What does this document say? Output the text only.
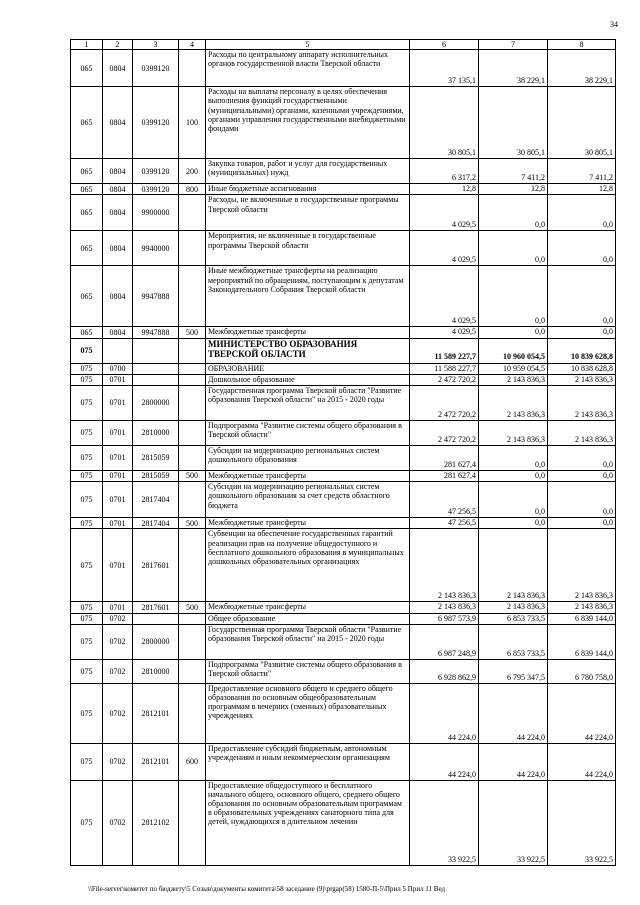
34
1	2	3	4	5	6	7	8
065	0804	0399120		Расходы по центральному аппарату исполнительных органов государственной власти Тверской области	37 135,1	38 229,1	38 229,1
065	0804	0399120	100	Расходы на выплаты персоналу в целях обеспечения выполнения функций государственными (муниципальными) органами, казенными учреждениями, органами управления государственными внебюджетными фондами	30 805,1	30 805,1	30 805,1
065	0804	0399120	200	Закупка товаров, работ и услуг для государственных (муниципальных) нужд	6 317,2	7 411,2	7 411,2
065	0804	0399120	800	Иные бюджетные ассигнования	12,8	12,8	12,8
065	0804	9900000		Расходы, не включенные в государственные программы Тверской области	4 029,5	0,0	0,0
065	0804	9940000		Мероприятия, не включенные в государственные программы Тверской области	4 029,5	0,0	0,0
065	0804	9947888		Иные межбюджетные трансферты на реализацию мероприятий по обращениям, поступающим к депутатам Законодательного Собрания Тверской области	4 029,5	0,0	0,0
065	0804	9947888	500	Межбюджетные трансферты	4 029,5	0,0	0,0
075				МИНИСТЕРСТВО ОБРАЗОВАНИЯ ТВЕРСКОЙ ОБЛАСТИ	11 589 227,7	10 960 054,5	10 839 628,8
075	0700			ОБРАЗОВАНИЕ	11 588 227,7	10 959 054,5	10 838 628,8
075	0701			Дошкольное образование	2 472 720,2	2 143 836,3	2 143 836,3
075	0701	2800000		Государственная программа Тверской области "Развитие образования Тверской области" на 2015 - 2020 годы	2 472 720,2	2 143 836,3	2 143 836,3
075	0701	2810000		Подпрограмма "Развитие системы общего образования в Тверской области"	2 472 720,2	2 143 836,3	2 143 836,3
075	0701	2815059		Субсидии на модернизацию региональных систем дошкольного образования	281 627,4	0,0	0,0
075	0701	2815059	500	Межбюджетные трансферты	281 627,4	0,0	0,0
075	0701	2817404		Субсидии на модернизацию региональных систем дошкольного образования за счет средств областного бюджета	47 256,5	0,0	0,0
075	0701	2817404	500	Межбюджетные трансферты	47 256,5	0,0	0,0
075	0701	2817601		Субвенции на обеспечение государственных гарантий реализации прав на получение общедоступного и бесплатного дошкольного образования в муниципальных дошкольных образовательных организациях	2 143 836,3	2 143 836,3	2 143 836,3
075	0701	2817601	500	Межбюджетные трансферты	2 143 836,3	2 143 836,3	2 143 836,3
075	0702			Общее образование	6 987 573,9	6 853 733,5	6 839 144,0
075	0702	2800000		Государственная программа Тверской области "Развитие образования Тверской области" на 2015 - 2020 годы	6 987 248,9	6 853 733,5	6 839 144,0
075	0702	2810000		Подпрограмма "Развитие системы общего образования в Тверской области"	6 928 862,9	6 795 347,5	6 780 758,0
075	0702	2812101		Предоставление основного общего и среднего общего образования по основным общеобразовательным программам в вечерних (сменных) образовательных учреждениях	44 224,0	44 224,0	44 224,0
075	0702	2812101	600	Предоставление субсидий бюджетным, автономным учреждениям и иным некоммерческим организациям	44 224,0	44 224,0	44 224,0
075	0702	2812102		Предоставление общедоступного и бесплатного начального общего, основного общего, среднего общего образования по основным образовательным программам в образовательных учреждениях санаторного типа для детей, нуждающихся в длительном лечении	33 922,5	33 922,5	33 922,5
\\File-server\комитет по бюджету\5 Созыв\документы комитета\58 заседание (9)\prgap(58) 1580-П-5\Прил 5 Прил 11 Вед
